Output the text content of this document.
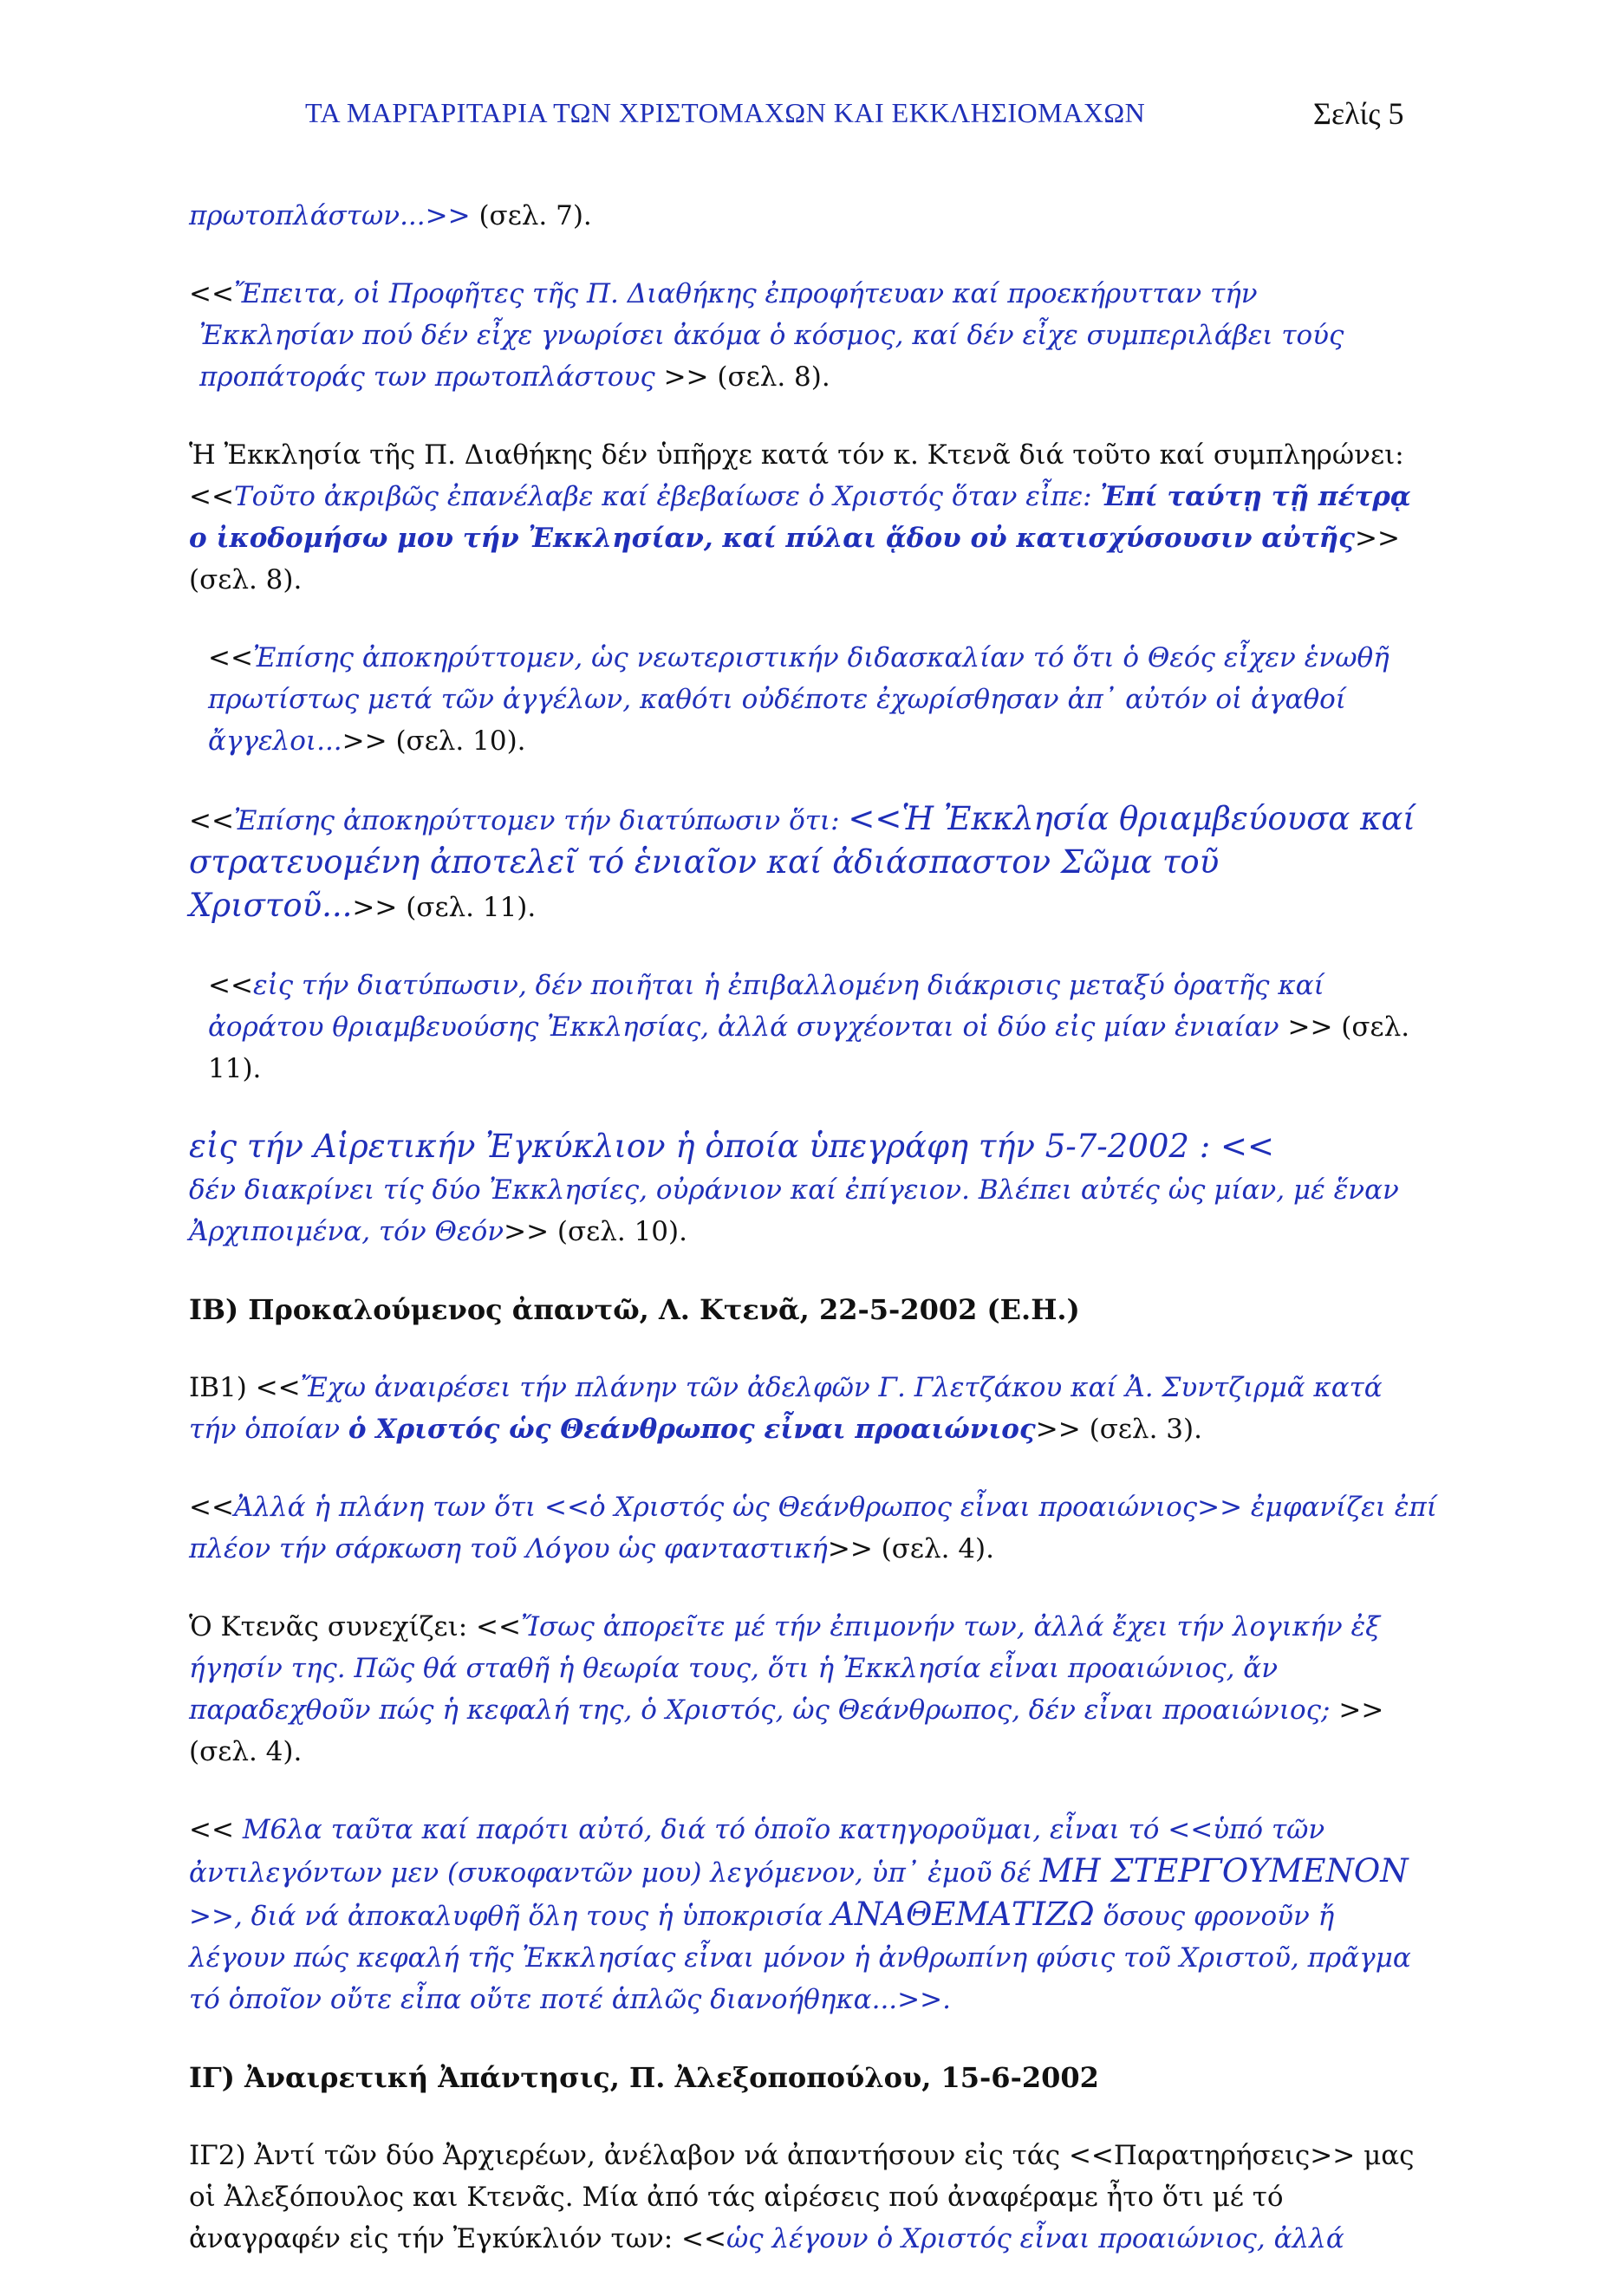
ΤΑ ΜΑΡΓΑΡΙΤΑΡΙΑ ΤΩΝ ΧΡΙΣΤΟΜΑΧΩΝ ΚΑΙ ΕΚΚΛΗΣΙΟΜΑΧΩΝ	Σελίς 5

πρωτοπλάστων...>> (σελ. 7).

<<Ἔπειτα, οἱ Προφῆτες τῆς Π. Διαθήκης ἐπροφήτευαν καί προεκήρυτταν τήν
Ἐκκλησίαν πού δέν εἶχε γνωρίσει ἀκόμα ὁ κόσμος, καί δέν εἶχε συμπεριλάβει τούς
προπάτοράς των πρωτοπλάστους >> (σελ. 8).

Ἡ Ἐκκλησία τῆς Π. Διαθήκης δέν ὑπῆρχε κατά τόν κ. Κτενᾶ διά τοῦτο καί συμπληρώνει:
<<Τοῦτο ἀκριβῶς ἐπανέλαβε καί ἐβεβαίωσε ὁ Χριστός ὅταν εἶπε: Ἐπί ταύτῃ τῇ πέτρᾳ ο ἰκοδομήσω μου τήν Ἐκκλησίαν, καί πύλαι ᾅδου οὐ κατισχύσουσιν αὐτῆς>> (σελ. 8).

<<Ἐπίσης ἀποκηρύττομεν, ὡς νεωτεριστικήν διδασκαλίαν τό ὅτι ὁ Θεός εἶχεν ἑνωθῆ πρωτίστως μετά τῶν ἀγγέλων, καθότι οὐδέποτε ἐχωρίσθησαν ἀπ᾽ αὐτόν οἱ ἀγαθοί ἄγγελοι...>> (σελ. 10).

<<Ἐπίσης ἀποκηρύττομεν τήν διατύπωσιν ὅτι: <<Ἡ Ἐκκλησία θριαμβεύουσα καί στρατευομένη ἀποτελεῖ τό ἑνιαῖον καί ἀδιάσπαστον Σῶμα τοῦ Χριστοῦ...>> (σελ. 11).

<<εἰς τήν διατύπωσιν, δέν ποιῆται ἡ ἐπιβαλλομένη διάκρισις μεταξύ ὁρατῆς καί ἀοράτου θριαμβευούσης Ἐκκλησίας, ἀλλά συγχέονται οἱ δύο εἰς μίαν ἑνιαίαν >> (σελ. 11).

εἰς τήν Αἱρετικήν Ἐγκύκλιον ἡ ὁποία ὑπεγράφη τήν 5-7-2002 : <<
δέν διακρίνει τίς δύο Ἐκκλησίες, οὐράνιον καί ἐπίγειον. Βλέπει αὐτές ὡς μίαν, μέ ἕναν Ἀρχιποιμένα, τόν Θεόν>> (σελ. 10).

ΙΒ) Προκαλούμενος ἀπαντῶ, Λ. Κτενᾶ, 22-5-2002 (Ε.Η.)

ΙΒ1) <<Ἔχω ἀναιρέσει τήν πλάνην τῶν ἀδελφῶν Γ. Γλετζάκου καί Ἀ. Συντζιρμᾶ κατά τήν ὁποίαν ὁ Χριστός ὡς Θεάνθρωπος εἶναι προαιώνιος>> (σελ. 3).

<<Ἀλλά ἡ πλάνη των ὅτι <<ὁ Χριστός ὡς Θεάνθρωπος εἶναι προαιώνιος>> ἐμφανίζει ἐπί πλέον τήν σάρκωση τοῦ Λόγου ὡς φανταστική>> (σελ. 4).

Ὁ Κτενᾶς συνεχίζει: <<Ἴσως ἀπορεῖτε μέ τήν ἐπιμονήν των, ἀλλά ἔχει τήν λογικήν ἐξ ήγησίν της. Πῶς θά σταθῆ ἡ θεωρία τους, ὅτι ἡ Ἐκκλησία εἶναι προαιώνιος, ἄν παραδεχθοῦν πώς ἡ κεφαλή της, ὁ Χριστός, ὡς Θεάνθρωπος, δέν εἶναι προαιώνιος; >> (σελ. 4).

<< Μ6λα ταῦτα καί παρότι αὐτό, διά τό ὁποῖο κατηγοροῦμαι, εἶναι τό <<ὑπό τῶν ἀντιλεγόντων μεν (συκοφαντῶν μου) λεγόμενον, ὑπ᾽ ἐμοῦ δέ ΜΗ ΣΤΕΡΓΟΥΜΕΝΟΝ >>, διά νά ἀποκαλυφθῆ ὅλη τους ἡ ὑποκρισία ΑΝΑΘΕΜΑΤΙΖΩ ὅσους φρονοῦν ἤ λέγουν πώς κεφαλή τῆς Ἐκκλησίας εἶναι μόνον ἡ ἀνθρωπίνη φύσις τοῦ Χριστοῦ, πρᾶγμα τό ὁποῖον οὔτε εἶπα οὔτε ποτέ ἁπλῶς διανοήθηκα...>>.

ΙΓ) Ἀναιρετική Ἀπάντησις, Π. Ἀλεξοποπούλου, 15-6-2002

ΙΓ2) Ἀντί τῶν δύο Ἀρχιερέων, ἀνέλαβον νά ἀπαντήσουν εἰς τάς <<Παρατηρήσεις>> μας οἱ Ἀλεξόπουλος και Κτενᾶς. Μία ἀπό τάς αἱρέσεις πού ἀναφέραμε ἦτο ὅτι μέ τό ἀναγραφέν εἰς τήν Ἐγκύκλιόν των: <<ὡς λέγουν ὁ Χριστός εἶναι προαιώνιος, ἀλλά
